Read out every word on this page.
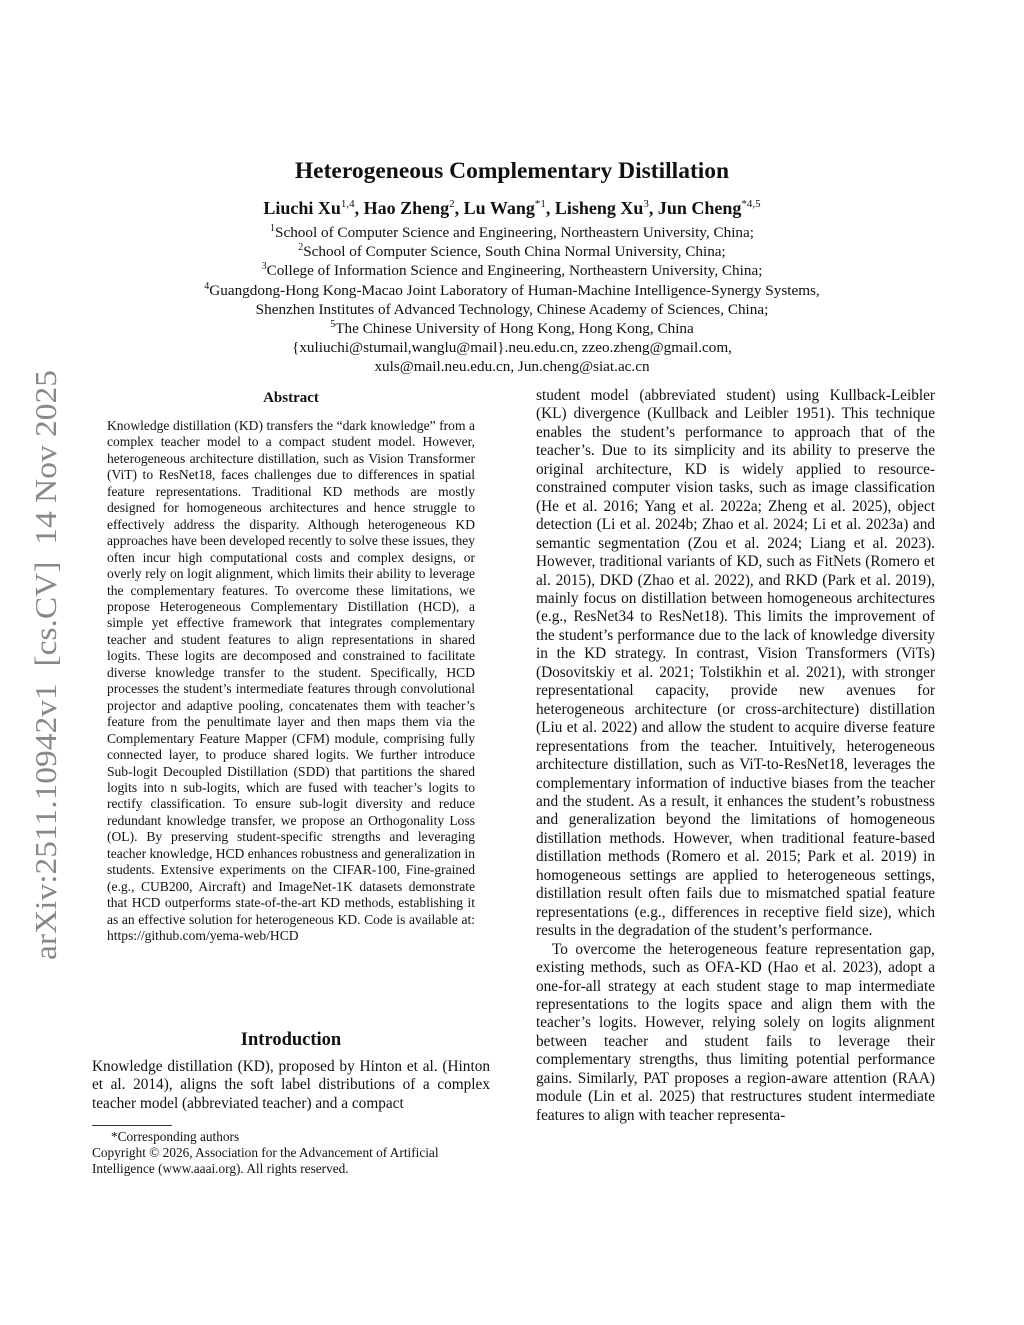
arXiv:2511.10942v1  [cs.CV]  14 Nov 2025
Heterogeneous Complementary Distillation
Liuchi Xu$^{1,4}$, Hao Zheng$^2$, Lu Wang$^{*1}$, Lisheng Xu$^3$, Jun Cheng$^{*4,5}$
$^1$School of Computer Science and Engineering, Northeastern University, China;
$^2$School of Computer Science, South China Normal University, China;
$^3$College of Information Science and Engineering, Northeastern University, China;
$^4$Guangdong-Hong Kong-Macao Joint Laboratory of Human-Machine Intelligence-Synergy Systems,
Shenzhen Institutes of Advanced Technology, Chinese Academy of Sciences, China;
$^5$The Chinese University of Hong Kong, Hong Kong, China
{xuliuchi@stumail,wanglu@mail}.neu.edu.cn, zzeo.zheng@gmail.com,
xuls@mail.neu.edu.cn, Jun.cheng@siat.ac.cn
Abstract
Knowledge distillation (KD) transfers the “dark knowledge” from a complex teacher model to a compact student model. However, heterogeneous architecture distillation, such as Vision Transformer (ViT) to ResNet18, faces challenges due to differences in spatial feature representations. Traditional KD methods are mostly designed for homogeneous architectures and hence struggle to effectively address the disparity. Although heterogeneous KD approaches have been developed recently to solve these issues, they often incur high computational costs and complex designs, or overly rely on logit alignment, which limits their ability to leverage the complementary features. To overcome these limitations, we propose Heterogeneous Complementary Distillation (HCD), a simple yet effective framework that integrates complementary teacher and student features to align representations in shared logits. These logits are decomposed and constrained to facilitate diverse knowledge transfer to the student. Specifically, HCD processes the student’s intermediate features through convolutional projector and adaptive pooling, concatenates them with teacher’s feature from the penultimate layer and then maps them via the Complementary Feature Mapper (CFM) module, comprising fully connected layer, to produce shared logits. We further introduce Sub-logit Decoupled Distillation (SDD) that partitions the shared logits into n sub-logits, which are fused with teacher’s logits to rectify classification. To ensure sub-logit diversity and reduce redundant knowledge transfer, we propose an Orthogonality Loss (OL). By preserving student-specific strengths and leveraging teacher knowledge, HCD enhances robustness and generalization in students. Extensive experiments on the CIFAR-100, Fine-grained (e.g., CUB200, Aircraft) and ImageNet-1K datasets demonstrate that HCD outperforms state-of-the-art KD methods, establishing it as an effective solution for heterogeneous KD. Code is available at: https://github.com/yema-web/HCD
Introduction
Knowledge distillation (KD), proposed by Hinton et al. (Hinton et al. 2014), aligns the soft label distributions of a complex teacher model (abbreviated teacher) and a compact
*Corresponding authors
Copyright © 2026, Association for the Advancement of Artificial Intelligence (www.aaai.org). All rights reserved.

student model (abbreviated student) using Kullback-Leibler (KL) divergence (Kullback and Leibler 1951). This technique enables the student’s performance to approach that of the teacher’s. Due to its simplicity and its ability to preserve the original architecture, KD is widely applied to resource-constrained computer vision tasks, such as image classification (He et al. 2016; Yang et al. 2022a; Zheng et al. 2025), object detection (Li et al. 2024b; Zhao et al. 2024; Li et al. 2023a) and semantic segmentation (Zou et al. 2024; Liang et al. 2023). However, traditional variants of KD, such as FitNets (Romero et al. 2015), DKD (Zhao et al. 2022), and RKD (Park et al. 2019), mainly focus on distillation between homogeneous architectures (e.g., ResNet34 to ResNet18). This limits the improvement of the student’s performance due to the lack of knowledge diversity in the KD strategy. In contrast, Vision Transformers (ViTs) (Dosovitskiy et al. 2021; Tolstikhin et al. 2021), with stronger representational capacity, provide new avenues for heterogeneous architecture (or cross-architecture) distillation (Liu et al. 2022) and allow the student to acquire diverse feature representations from the teacher. Intuitively, heterogeneous architecture distillation, such as ViT-to-ResNet18, leverages the complementary information of inductive biases from the teacher and the student. As a result, it enhances the student’s robustness and generalization beyond the limitations of homogeneous distillation methods. However, when traditional feature-based distillation methods (Romero et al. 2015; Park et al. 2019) in homogeneous settings are applied to heterogeneous settings, distillation result often fails due to mismatched spatial feature representations (e.g., differences in receptive field size), which results in the degradation of the student’s performance.

To overcome the heterogeneous feature representation gap, existing methods, such as OFA-KD (Hao et al. 2023), adopt a one-for-all strategy at each student stage to map intermediate representations to the logits space and align them with the teacher’s logits. However, relying solely on logits alignment between teacher and student fails to leverage their complementary strengths, thus limiting potential performance gains. Similarly, PAT proposes a region-aware attention (RAA) module (Lin et al. 2025) that restructures student intermediate features to align with teacher representa-
